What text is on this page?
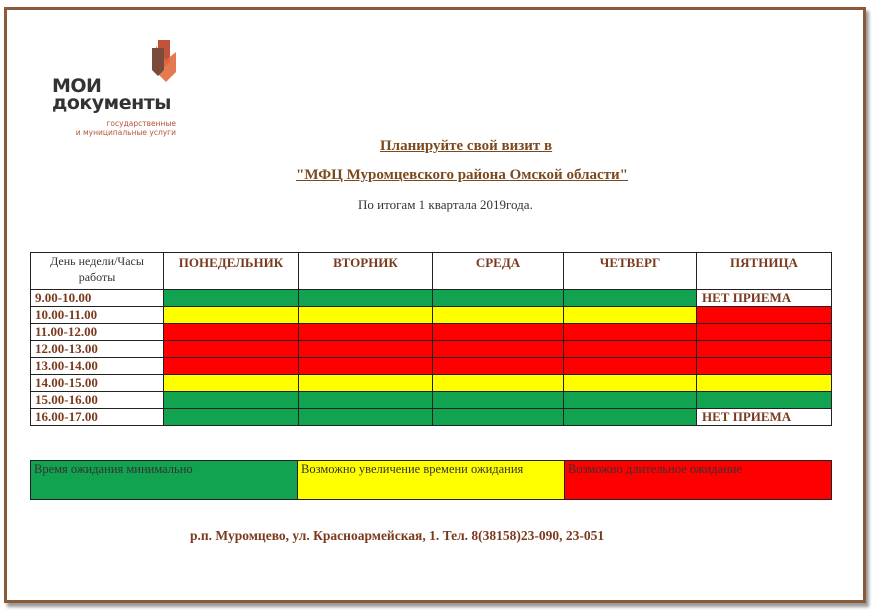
МОИ
документы
государственные
и муниципальные услуги
Планируйте свой визит в
"МФЦ Муромцевского района Омской области"
По итогам 1 квартала 2019года.
День недели/Часы работы	ПОНЕДЕЛЬНИК	ВТОРНИК	СРЕДА	ЧЕТВЕРГ	ПЯТНИЦА
9.00-10.00					НЕТ ПРИЕМА
10.00-11.00					
11.00-12.00					
12.00-13.00					
13.00-14.00					
14.00-15.00					
15.00-16.00					
16.00-17.00					НЕТ ПРИЕМА
Время ожидания минимально	Возможно увеличение времени ожидания	Возможно длительное ожидание
р.п. Муромцево, ул. Красноармейская, 1. Тел. 8(38158)23-090, 23-051
